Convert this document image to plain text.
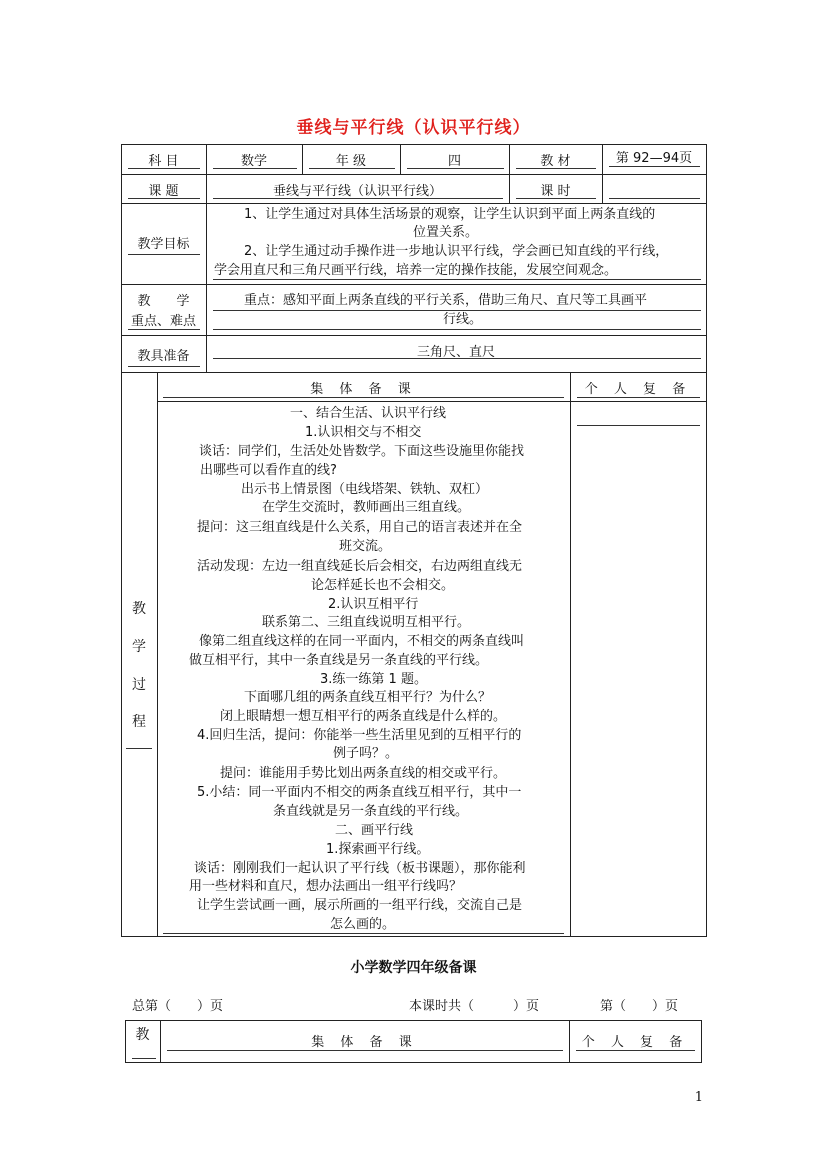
垂线与平行线（认识平行线）
科 目	数学	年 级	四	教 材	第 92—94页
课 题	垂线与平行线（认识平行线）	课 时
教学目标
1、让学生通过对具体生活场景的观察，让学生认识到平面上两条直线的
位置关系。
2、让学生通过动手操作进一步地认识平行线，学会画已知直线的平行线，
学会用直尺和三角尺画平行线，培养一定的操作技能，发展空间观念。
教　　学
重点、难点
重点：感知平面上两条直线的平行关系，借助三角尺、直尺等工具画平
行线。
教具准备	三角尺、直尺
教
学
过
程
集 体 备 课	个 人 复 备
一、结合生活、认识平行线
1.认识相交与不相交
谈话：同学们，生活处处皆数学。下面这些设施里你能找
出哪些可以看作直的线?
出示书上情景图（电线塔架、铁轨、双杠）
在学生交流时，教师画出三组直线。
提问：这三组直线是什么关系，用自己的语言表述并在全
班交流。
活动发现：左边一组直线延长后会相交，右边两组直线无
论怎样延长也不会相交。
2.认识互相平行
联系第二、三组直线说明互相平行。
像第二组直线这样的在同一平面内，不相交的两条直线叫
做互相平行，其中一条直线是另一条直线的平行线。
3.练一练第 1 题。
下面哪几组的两条直线互相平行？为什么？
闭上眼睛想一想互相平行的两条直线是什么样的。
4.回归生活，提问：你能举一些生活里见到的互相平行的
例子吗？。
提问：谁能用手势比划出两条直线的相交或平行。
5.小结：同一平面内不相交的两条直线互相平行，其中一
条直线就是另一条直线的平行线。
二、画平行线
1.探索画平行线。
谈话：刚刚我们一起认识了平行线（板书课题），那你能利
用一些材料和直尺，想办法画出一组平行线吗？
让学生尝试画一画，展示所画的一组平行线，交流自己是
怎么画的。
小学数学四年级备课
总第（　　）页	本课时共（　　　）页	第（　　）页
教	集 体 备 课	个 人 复 备
1
